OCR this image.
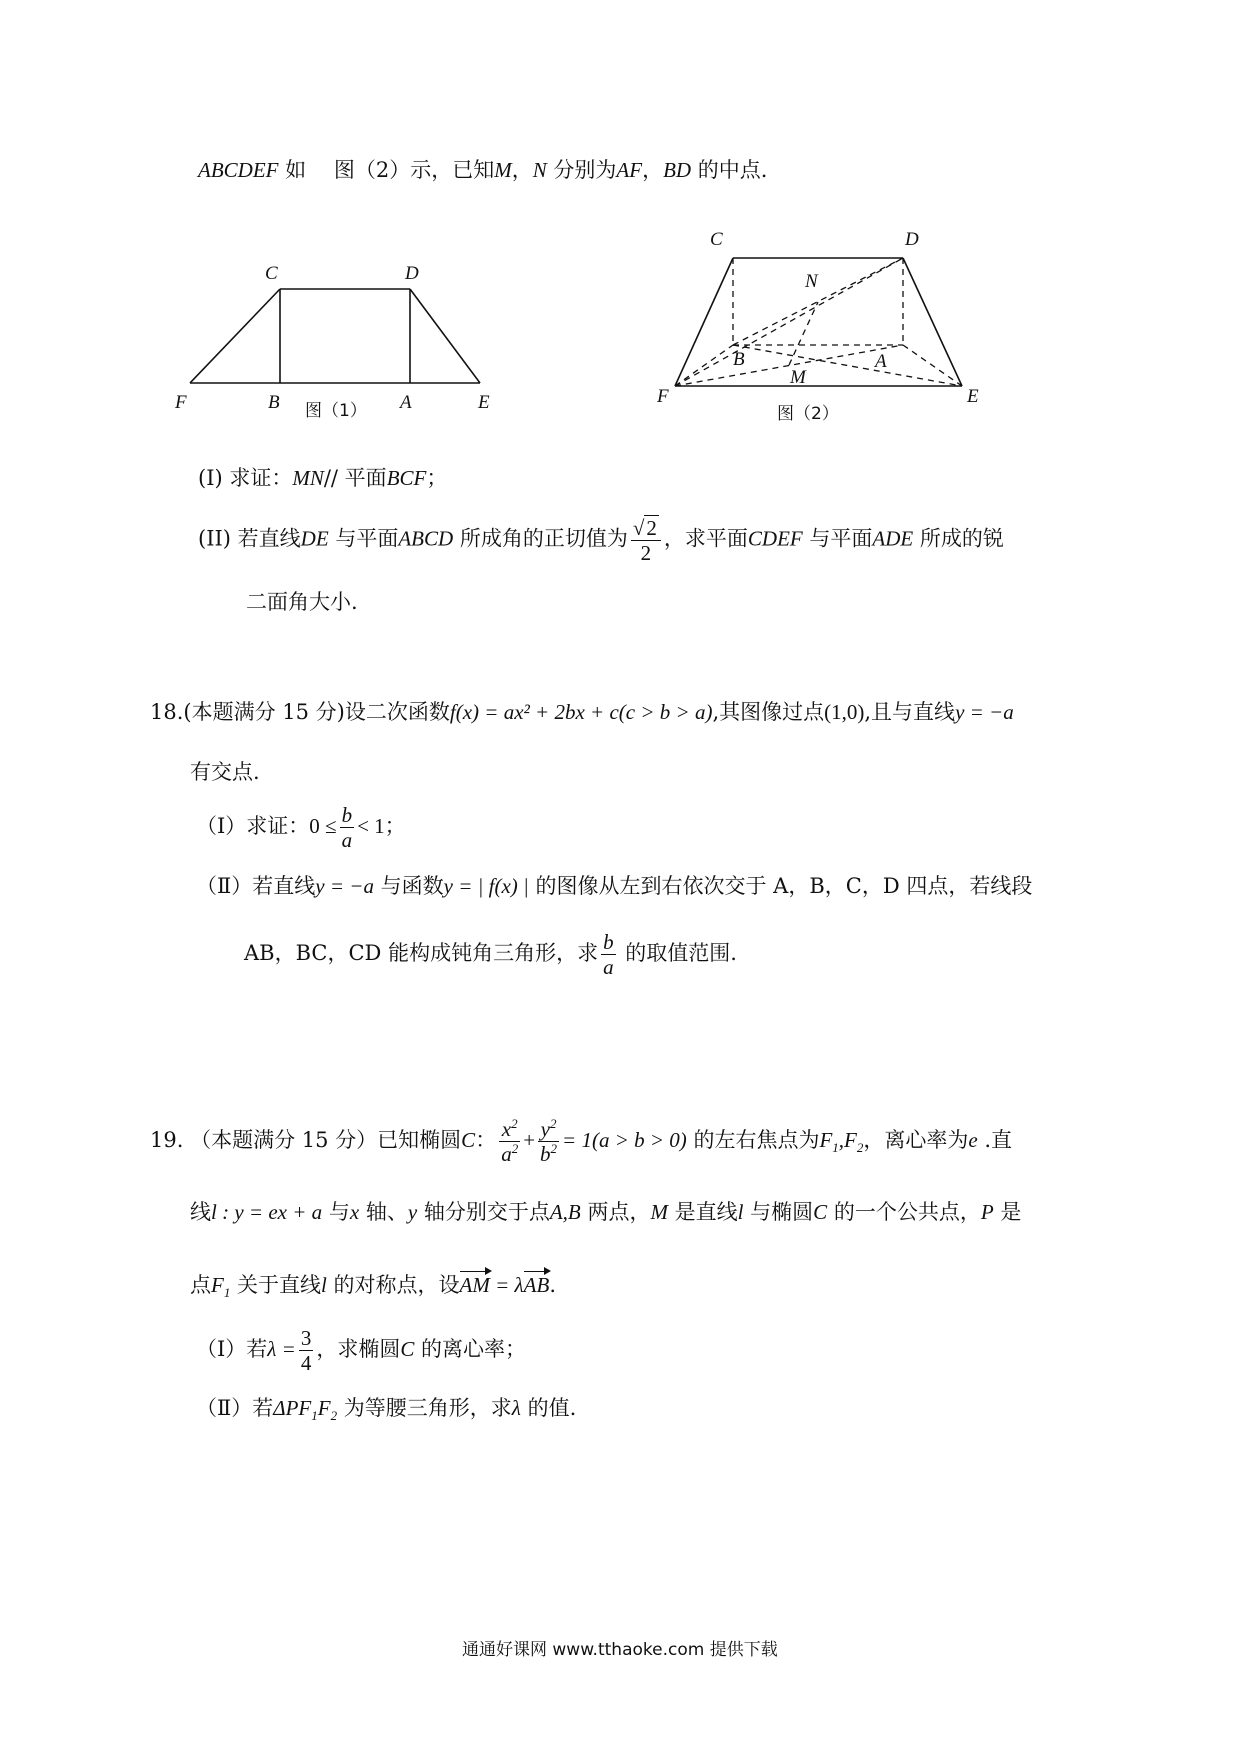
ABCDEF 如　 图（2）示，已知M，N 分别为AF，BD 的中点.
C	D
F	B	A	E
图（1）
C	D
N
B	A
M
F	E
图（2）
(I) 求证：MN// 平面BCF；
(II) 若直线DE 与平面ABCD 所成角的正切值为 $\frac{√2}{2}$ ，求平面CDEF 与平面ADE 所成的锐
二面角大小.
18.(本题满分 15 分)设二次函数f(x) = ax² + 2bx + c(c > b > a),其图像过点(1,0),且与直线y = −a
有交点.
（Ⅰ）求证：$0 \le \frac{b}{a} < 1$；
（Ⅱ）若直线y = −a 与函数y = | f(x) | 的图像从左到右依次交于 A，B，C，D 四点，若线段
AB，BC，CD 能构成钝角三角形，求 $\frac{b}{a}$ 的取值范围.
19. （本题满分 15 分）已知椭圆C： $\frac{x^2}{a^2} + \frac{y^2}{b^2} = 1(a > b > 0)$ 的左右焦点为$F_1,F_2$，离心率为e .直
线l : y = ex + a 与x 轴、y 轴分别交于点A,B 两点，M 是直线l 与椭圆C 的一个公共点，P 是
点$F_1$ 关于直线l 的对称点，设AM = λAB.
（Ⅰ）若$\lambda = \frac{3}{4}$ ，求椭圆C 的离心率；
（Ⅱ）若$\Delta PF_1F_2$ 为等腰三角形，求λ 的值.
通通好课网 www.tthaoke.com 提供下载
